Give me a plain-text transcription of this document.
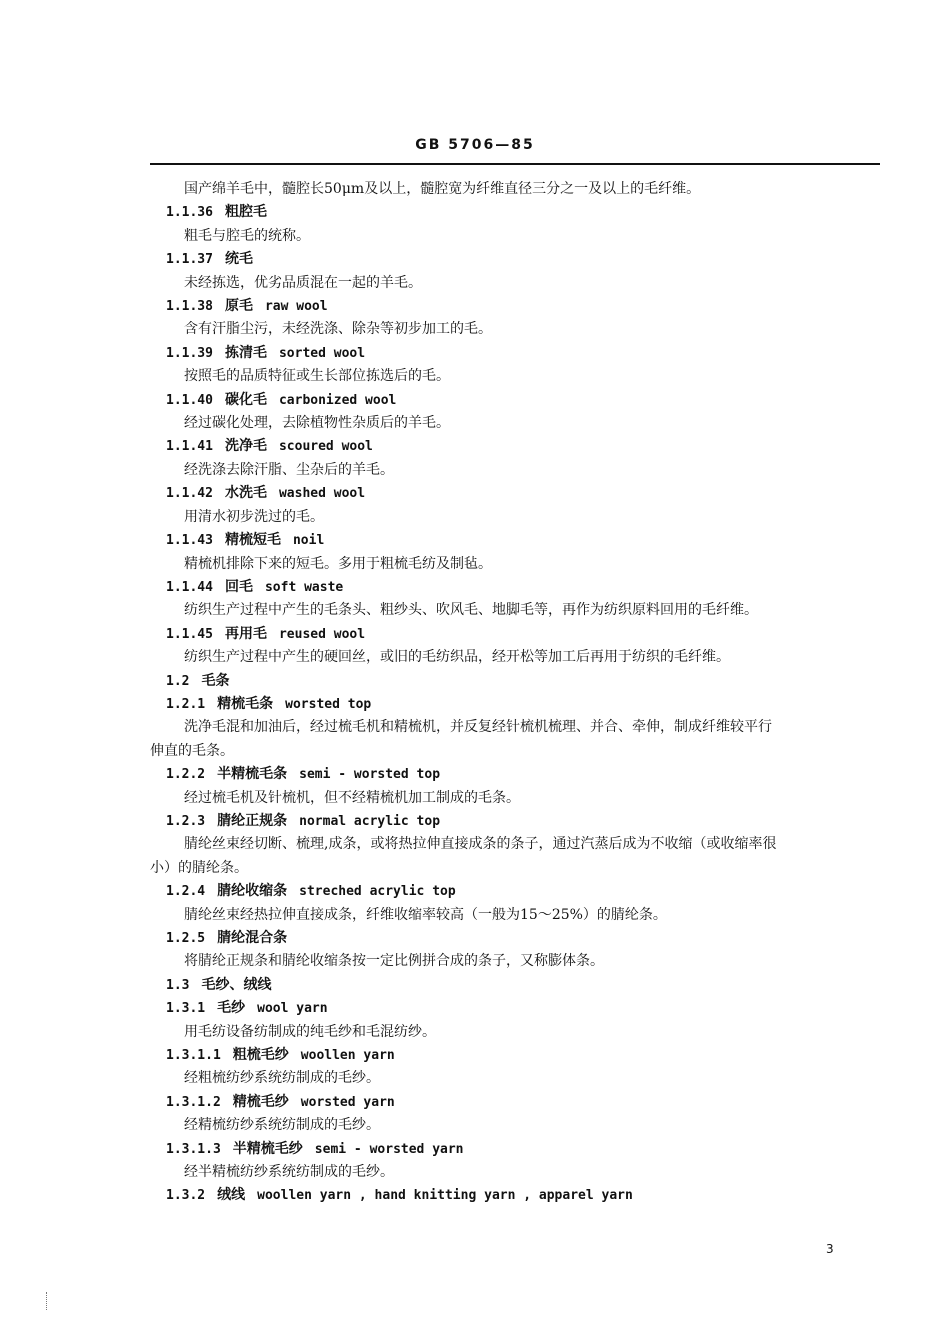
GB 5706—85
国产绵羊毛中，髓腔长50μm及以上，髓腔宽为纤维直径三分之一及以上的毛纤维。
1.1.36 粗腔毛
粗毛与腔毛的统称。
1.1.37 统毛
未经拣选，优劣品质混在一起的羊毛。
1.1.38 原毛 raw wool
含有汗脂尘污，未经洗涤、除杂等初步加工的毛。
1.1.39 拣清毛 sorted wool
按照毛的品质特征或生长部位拣选后的毛。
1.1.40 碳化毛 carbonized wool
经过碳化处理，去除植物性杂质后的羊毛。
1.1.41 洗净毛 scoured wool
经洗涤去除汗脂、尘杂后的羊毛。
1.1.42 水洗毛 washed wool
用清水初步洗过的毛。
1.1.43 精梳短毛 noil
精梳机排除下来的短毛。多用于粗梳毛纺及制毡。
1.1.44 回毛 soft waste
纺织生产过程中产生的毛条头、粗纱头、吹风毛、地脚毛等，再作为纺织原料回用的毛纤维。
1.1.45 再用毛 reused wool
纺织生产过程中产生的硬回丝，或旧的毛纺织品，经开松等加工后再用于纺织的毛纤维。
1.2 毛条
1.2.1 精梳毛条 worsted top
洗净毛混和加油后，经过梳毛机和精梳机，并反复经针梳机梳理、并合、牵伸，制成纤维较平行
伸直的毛条。
1.2.2 半精梳毛条 semi - worsted top
经过梳毛机及针梳机，但不经精梳机加工制成的毛条。
1.2.3 腈纶正规条 normal acrylic top
腈纶丝束经切断、梳理,成条，或将热拉伸直接成条的条子，通过汽蒸后成为不收缩（或收缩率很
小）的腈纶条。
1.2.4 腈纶收缩条 streched acrylic top
腈纶丝束经热拉伸直接成条，纤维收缩率较高（一般为15～25%）的腈纶条。
1.2.5 腈纶混合条
将腈纶正规条和腈纶收缩条按一定比例拼合成的条子，又称膨体条。
1.3 毛纱、绒线
1.3.1 毛纱 wool yarn
用毛纺设备纺制成的纯毛纱和毛混纺纱。
1.3.1.1 粗梳毛纱 woollen yarn
经粗梳纺纱系统纺制成的毛纱。
1.3.1.2 精梳毛纱 worsted yarn
经精梳纺纱系统纺制成的毛纱。
1.3.1.3 半精梳毛纱 semi - worsted yarn
经半精梳纺纱系统纺制成的毛纱。
1.3.2 绒线 woollen yarn , hand knitting yarn , apparel yarn
3
